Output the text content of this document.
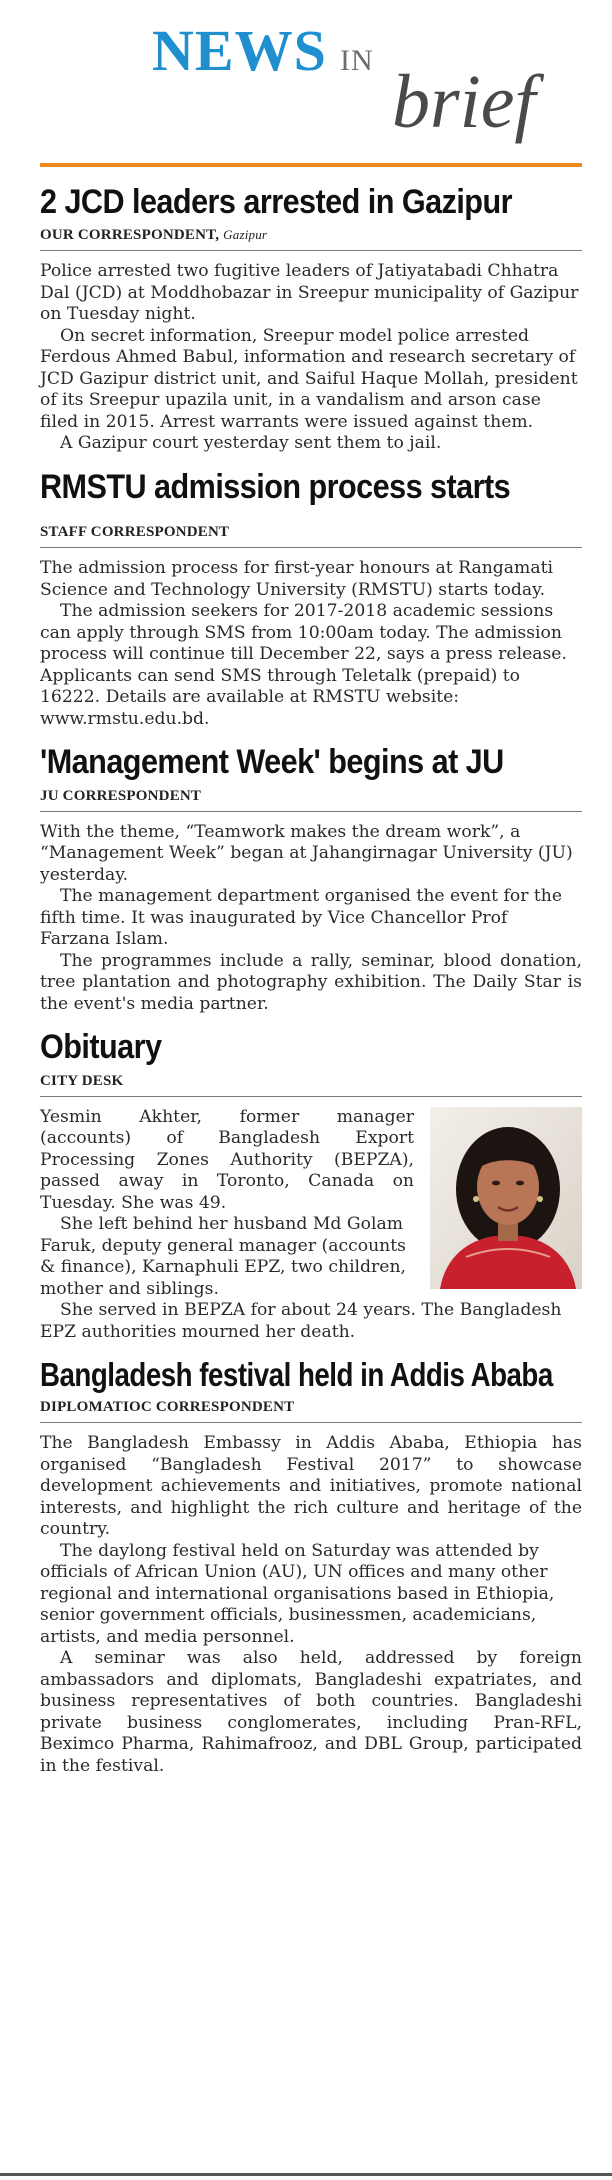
NEWS IN brief
2 JCD leaders arrested in Gazipur
OUR CORRESPONDENT, Gazipur

Police arrested two fugitive leaders of Jatiyatabadi Chhatra Dal (JCD) at Moddhobazar in Sreepur municipality of Gazipur on Tuesday night.

On secret information, Sreepur model police arrested Ferdous Ahmed Babul, information and research secretary of JCD Gazipur district unit, and Saiful Haque Mollah, president of its Sreepur upazila unit, in a vandalism and arson case filed in 2015. Arrest warrants were issued against them.

A Gazipur court yesterday sent them to jail.

RMSTU admission process starts
STAFF CORRESPONDENT

The admission process for first-year honours at Rangamati Science and Technology University (RMSTU) starts today.

The admission seekers for 2017-2018 academic sessions can apply through SMS from 10:00am today. The admission process will continue till December 22, says a press release. Applicants can send SMS through Teletalk (prepaid) to 16222. Details are available at RMSTU website: www.rmstu.edu.bd.

'Management Week' begins at JU
JU CORRESPONDENT

With the theme, “Teamwork makes the dream work”, a “Management Week” began at Jahangirnagar University (JU) yesterday.

The management department organised the event for the fifth time. It was inaugurated by Vice Chancellor Prof Farzana Islam.

The programmes include a rally, seminar, blood donation, tree plantation and photography exhibition. The Daily Star is the event's media partner.

Obituary
CITY DESK

Yesmin Akhter, former manager (accounts) of Bangladesh Export Processing Zones Authority (BEPZA), passed away in Toronto, Canada on Tuesday. She was 49.

She left behind her husband Md Golam Faruk, deputy general manager (accounts & finance), Karnaphuli EPZ, two children, mother and siblings.

She served in BEPZA for about 24 years. The Bangladesh EPZ authorities mourned her death.

Bangladesh festival held in Addis Ababa
DIPLOMATIOC CORRESPONDENT

The Bangladesh Embassy in Addis Ababa, Ethiopia has organised “Bangladesh Festival 2017” to showcase development achievements and initiatives, promote national interests, and highlight the rich culture and heritage of the country.

The daylong festival held on Saturday was attended by officials of African Union (AU), UN offices and many other regional and international organisations based in Ethiopia, senior government officials, businessmen, academicians, artists, and media personnel.

A seminar was also held, addressed by foreign ambassadors and diplomats, Bangladeshi expatriates, and business representatives of both countries. Bangladeshi private business conglomerates, including Pran-RFL, Beximco Pharma, Rahimafrooz, and DBL Group, participated in the festival.
